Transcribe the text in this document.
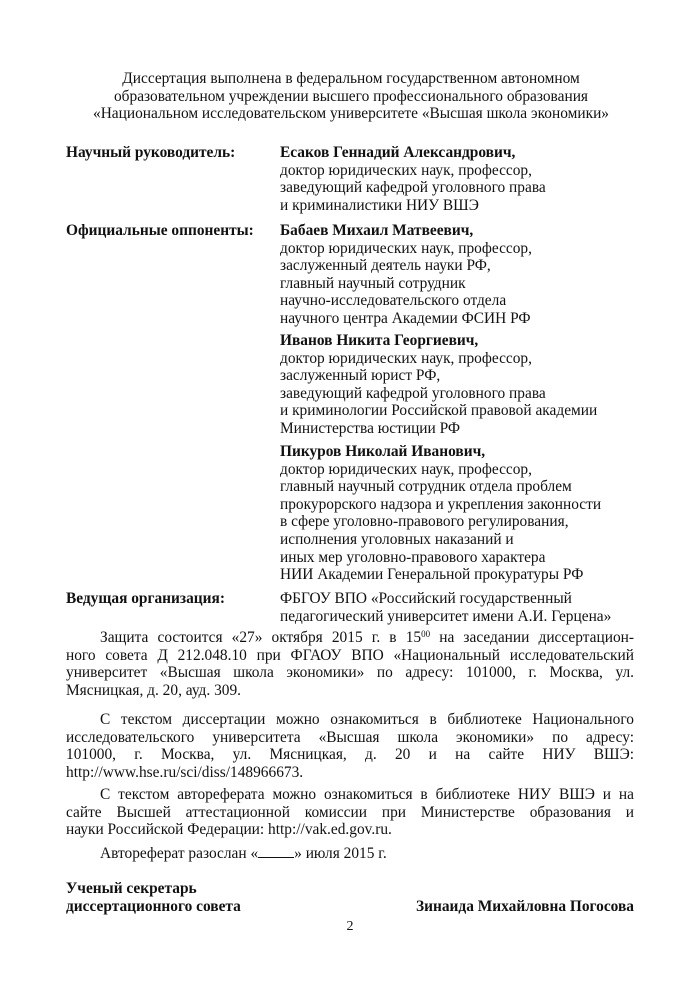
Диссертация выполнена в федеральном государственном автономном
образовательном учреждении высшего профессионального образования
«Национальном исследовательском университете «Высшая школа экономики»
Научный руководитель:	Есаков Геннадий Александрович,
доктор юридических наук, профессор,
заведующий кафедрой уголовного права
и криминалистики НИУ ВШЭ
Официальные оппоненты: Бабаев Михаил Матвеевич,
доктор юридических наук, профессор,
заслуженный деятель науки РФ,
главный научный сотрудник
научно-исследовательского отдела
научного центра Академии ФСИН РФ
Иванов Никита Георгиевич,
доктор юридических наук, профессор,
заслуженный юрист РФ,
заведующий кафедрой уголовного права
и криминологии Российской правовой академии
Министерства юстиции РФ
Пикуров Николай Иванович,
доктор юридических наук, профессор,
главный научный сотрудник отдела проблем
прокурорского надзора и укрепления законности
в сфере уголовно-правового регулирования,
исполнения уголовных наказаний и
иных мер уголовно-правового характера
НИИ Академии Генеральной прокуратуры РФ
Ведущая организация:	ФБГОУ ВПО «Российский государственный
педагогический университет имени А.И. Герцена»
Защита состоится «27» октября 2015 г. в $15^{00}$ на заседании диссертацион-
ного совета Д 212.048.10 при ФГАОУ ВПО «Национальный исследовательский
университет «Высшая школа экономики» по адресу: 101000, г. Москва, ул.
Мясницкая, д. 20, ауд. 309.
С текстом диссертации можно ознакомиться в библиотеке Национального
исследовательского университета «Высшая школа экономики» по адресу:
101000, г. Москва, ул. Мясницкая, д. 20 и на сайте НИУ ВШЭ:
http://www.hse.ru/sci/diss/148966673.
С текстом автореферата можно ознакомиться в библиотеке НИУ ВШЭ и на
сайте Высшей аттестационной комиссии при Министерстве образования и
науки Российской Федерации: http://vak.ed.gov.ru.
Автореферат разослан « » июля 2015 г.
Ученый секретарь
диссертационного совета	Зинаида Михайловна Погосова
2
